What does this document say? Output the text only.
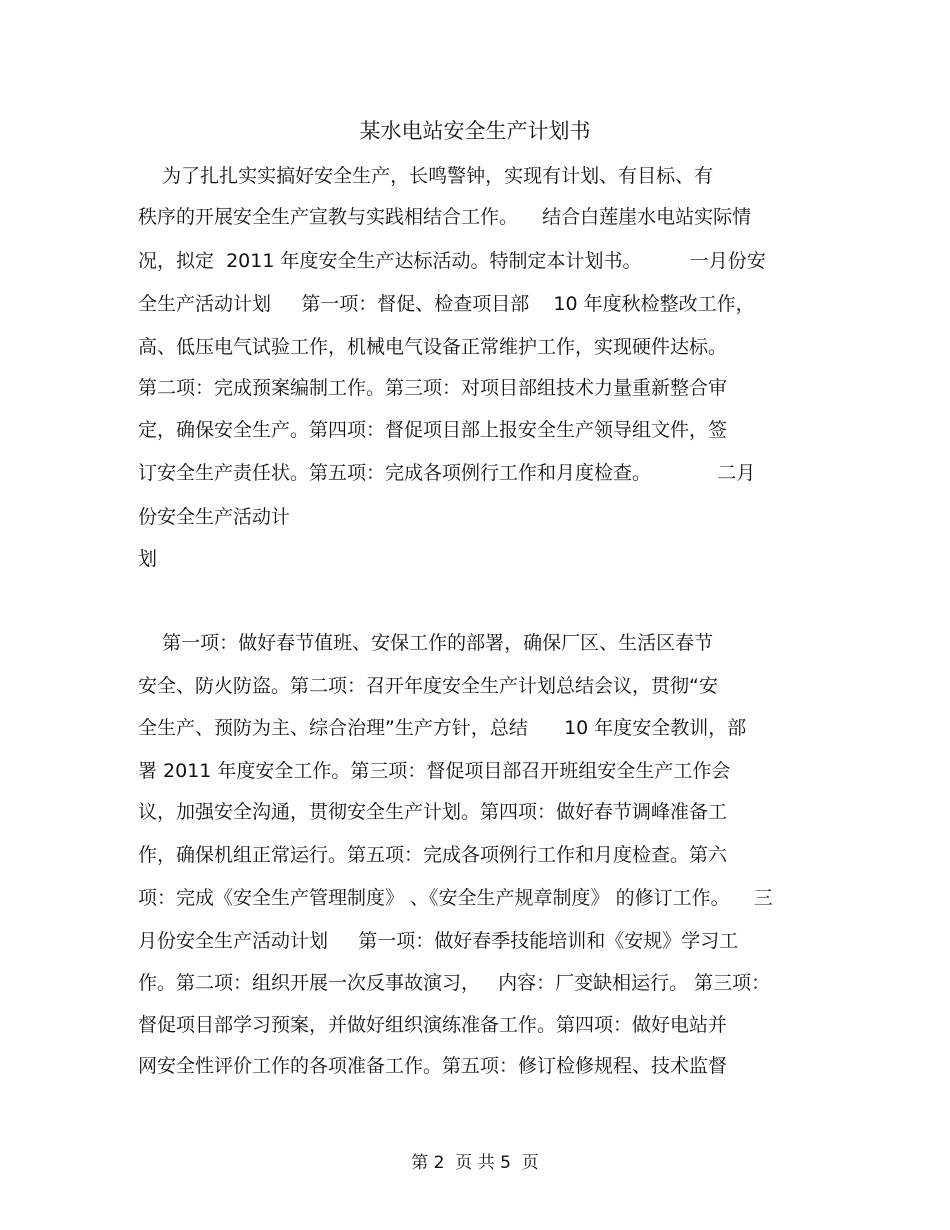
某水电站安全生产计划书
为了扎扎实实搞好安全生产，长鸣警钟，实现有计划、有目标、有
秩序的开展安全生产宣教与实践相结合工作。    结合白莲崖水电站实际情
况，拟定  2011 年度安全生产达标活动。特制定本计划书。        一月份安
全生产活动计划     第一项：督促、检查项目部    10 年度秋检整改工作，
高、低压电气试验工作，机械电气设备正常维护工作，实现硬件达标。
第二项：完成预案编制工作。第三项：对项目部组技术力量重新整合审
定，确保安全生产。第四项：督促项目部上报安全生产领导组文件，签
订安全生产责任状。第五项：完成各项例行工作和月度检查。           二月
份安全生产活动计
划
第一项：做好春节值班、安保工作的部署，确保厂区、生活区春节
安全、防火防盗。第二项：召开年度安全生产计划总结会议，贯彻“安
全生产、预防为主、综合治理”生产方针，总结      10 年度安全教训，部
署 2011 年度安全工作。第三项：督促项目部召开班组安全生产工作会
议，加强安全沟通，贯彻安全生产计划。第四项：做好春节调峰准备工
作，确保机组正常运行。第五项：完成各项例行工作和月度检查。第六
项：完成《安全生产管理制度》 、《安全生产规章制度》 的修订工作。    三
月份安全生产活动计划     第一项：做好春季技能培训和《安规》学习工
作。第二项：组织开展一次反事故演习，   内容：厂变缺相运行。 第三项：
督促项目部学习预案，并做好组织演练准备工作。第四项：做好电站并
网安全性评价工作的各项准备工作。第五项：修订检修规程、技术监督
第 2  页 共 5  页
